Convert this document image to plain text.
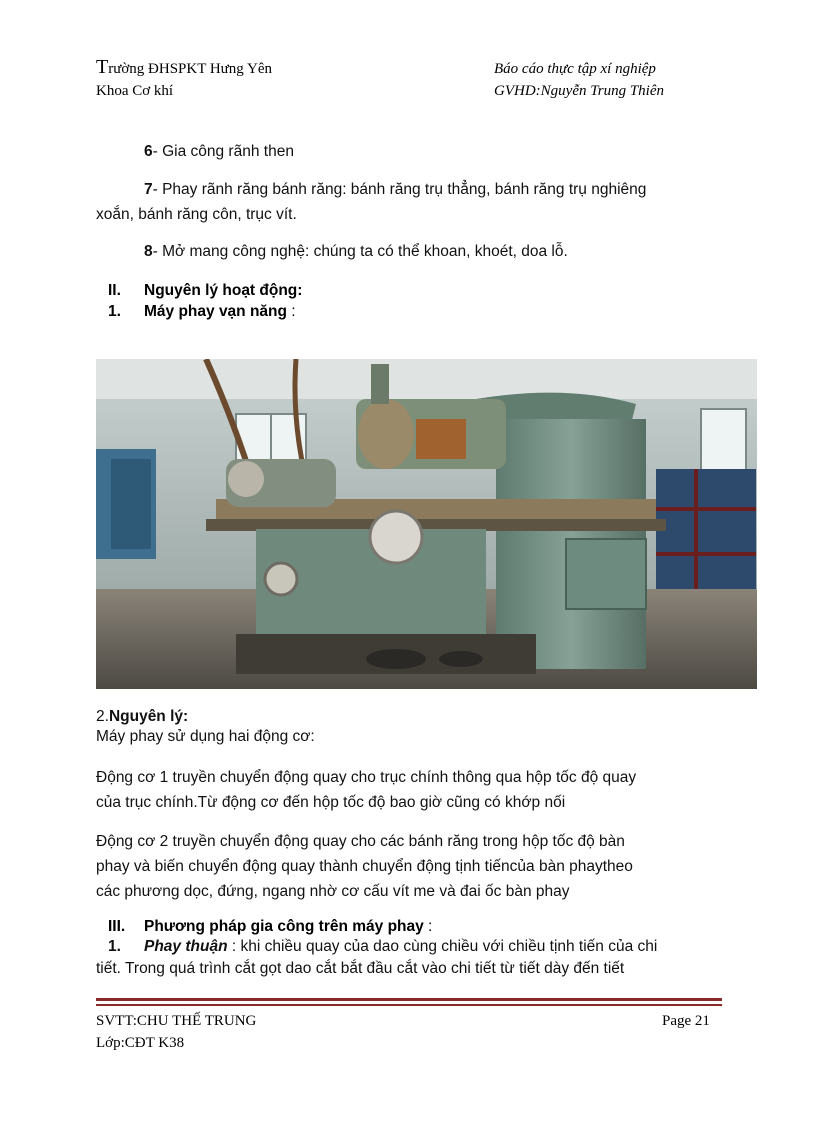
Trường ĐHSPKT Hưng Yên
Khoa Cơ khí
Báo cáo thực tập xí nghiệp
GVHD:Nguyễn Trung Thiên
6- Gia công rãnh then
7- Phay rãnh răng bánh răng: bánh răng trụ thẳng, bánh răng trụ nghiêng
xoắn, bánh răng côn, trục vít.
8- Mở mang công nghệ: chúng ta có thể khoan, khoét, doa lỗ.
II. Nguyên lý hoạt động:
1. Máy phay vạn năng :
2.Nguyên lý:
Máy phay sử dụng hai động cơ:
Động cơ 1 truyền chuyển động quay cho trục chính thông qua hộp tốc độ quay
của trục chính.Từ động cơ đến hộp tốc độ bao giờ cũng có khớp nối
Động cơ 2 truyền chuyển động quay cho các bánh răng trong hộp tốc độ bàn
phay và biến chuyển động quay thành chuyển động tịnh tiếncủa bàn phaytheo
các phương dọc, đứng, ngang nhờ cơ cấu vít me và đai ốc bàn phay
III. Phương pháp gia công trên máy phay :
1. Phay thuận : khi chiều quay của dao cùng chiều với chiều tịnh tiến của chi
tiết. Trong quá trình cắt gọt dao cắt bắt đầu cắt vào chi tiết từ tiết dày đến tiết
SVTT:CHU THẾ TRUNG
Lớp:CĐT K38
Page 21
